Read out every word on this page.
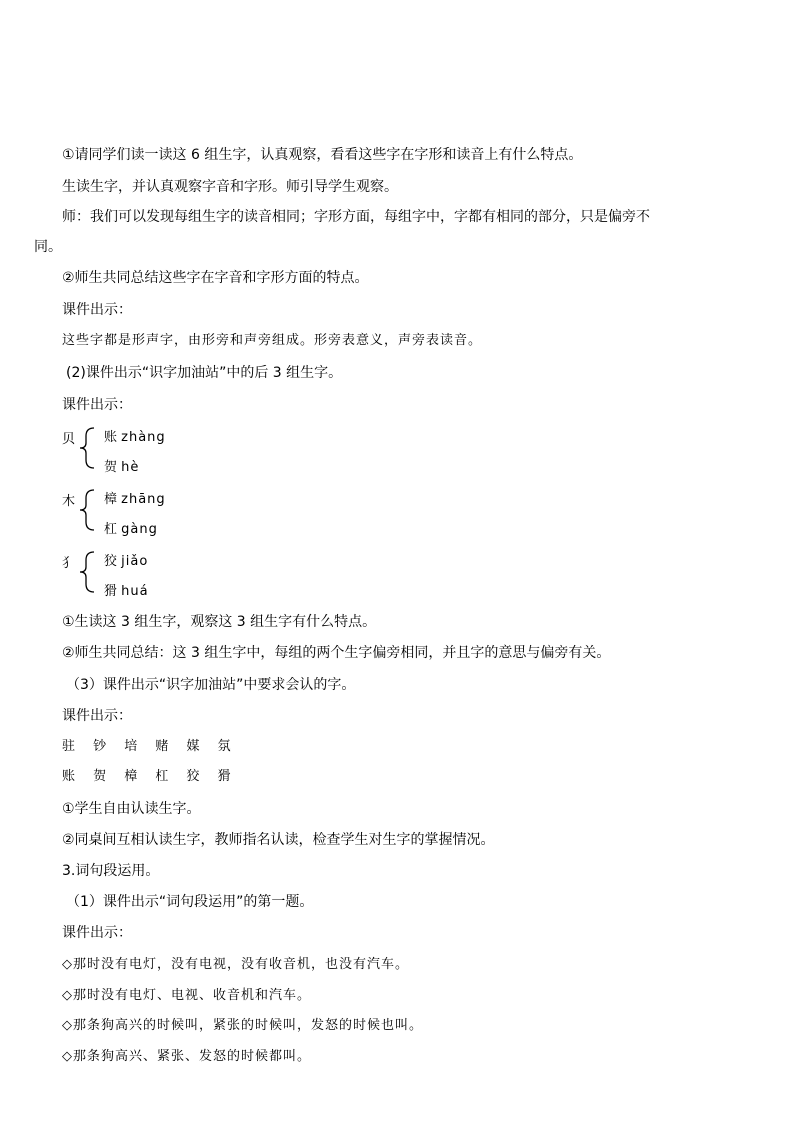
①请同学们读一读这 6 组生字，认真观察，看看这些字在字形和读音上有什么特点。
生读生字，并认真观察字音和字形。师引导学生观察。
师：我们可以发现每组生字的读音相同；字形方面，每组字中，字都有相同的部分，只是偏旁不
同。
②师生共同总结这些字在字音和字形方面的特点。
课件出示：
这些字都是形声字，由形旁和声旁组成。形旁表意义，声旁表读音。
(2)课件出示“识字加油站”中的后 3 组生字。
课件出示：
贝 账 zhàng
贺 hè
木 樟 zhāng
杠 gàng
犭 狡 jiǎo
猾 huá
①生读这 3 组生字，观察这 3 组生字有什么特点。
②师生共同总结：这 3 组生字中，每组的两个生字偏旁相同，并且字的意思与偏旁有关。
（3）课件出示“识字加油站”中要求会认的字。
课件出示：
驻 钞 培 赌 媒 氛
账 贺 樟 杠 狡 猾
①学生自由认读生字。
②同桌间互相认读生字，教师指名认读，检查学生对生字的掌握情况。
3.词句段运用。
（1）课件出示“词句段运用”的第一题。
课件出示：
◇那时没有电灯，没有电视，没有收音机，也没有汽车。
◇那时没有电灯、电视、收音机和汽车。
◇那条狗高兴的时候叫，紧张的时候叫，发怒的时候也叫。
◇那条狗高兴、紧张、发怒的时候都叫。
